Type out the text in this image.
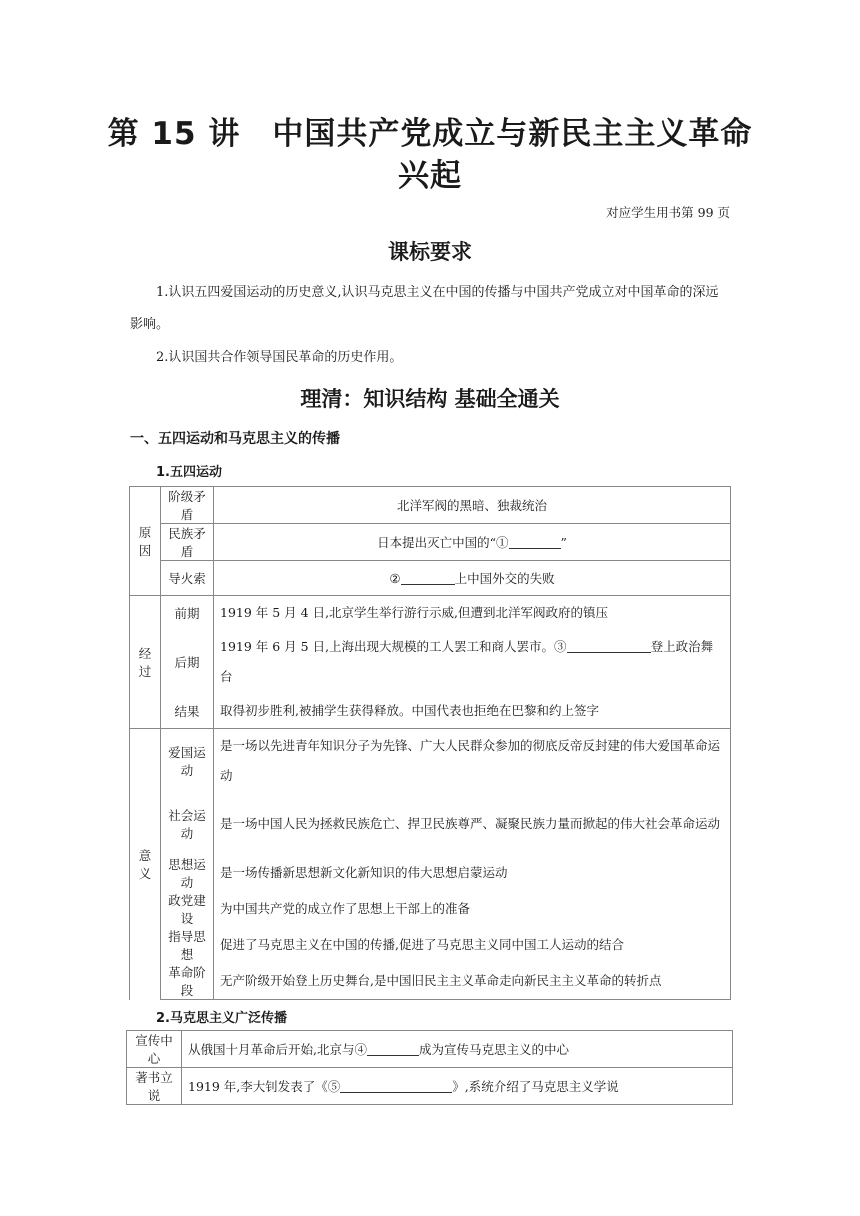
第 15 讲　中国共产党成立与新民主主义革命
兴起
对应学生用书第 99 页
课标要求
1.认识五四爱国运动的历史意义,认识马克思主义在中国的传播与中国共产党成立对中国革命的深远影响。
2.认识国共合作领导国民革命的历史作用。
理清：知识结构 基础全通关
一、五四运动和马克思主义的传播
1.五四运动
原因	阶级矛盾	北洋军阀的黑暗、独裁统治
	民族矛盾	日本提出灭亡中国的“① ”
	导火索	② 上中国外交的失败
经过	前期	1919 年 5 月 4 日,北京学生举行游行示威,但遭到北洋军阀政府的镇压
	后期	1919 年 6 月 5 日,上海出现大规模的工人罢工和商人罢市。③ 登上政治舞台
	结果	取得初步胜利,被捕学生获得释放。中国代表也拒绝在巴黎和约上签字
意义	爱国运动	是一场以先进青年知识分子为先锋、广大人民群众参加的彻底反帝反封建的伟大爱国革命运动
	社会运动	是一场中国人民为拯救民族危亡、捍卫民族尊严、凝聚民族力量而掀起的伟大社会革命运动
	思想运动	是一场传播新思想新文化新知识的伟大思想启蒙运动
	政党建设	为中国共产党的成立作了思想上干部上的准备
	指导思想	促进了马克思主义在中国的传播,促进了马克思主义同中国工人运动的结合
	革命阶段	无产阶级开始登上历史舞台,是中国旧民主主义革命走向新民主主义革命的转折点
2.马克思主义广泛传播
宣传中心	从俄国十月革命后开始,北京与④ 成为宣传马克思主义的中心
著书立说	1919 年,李大钊发表了《⑤ 》,系统介绍了马克思主义学说
